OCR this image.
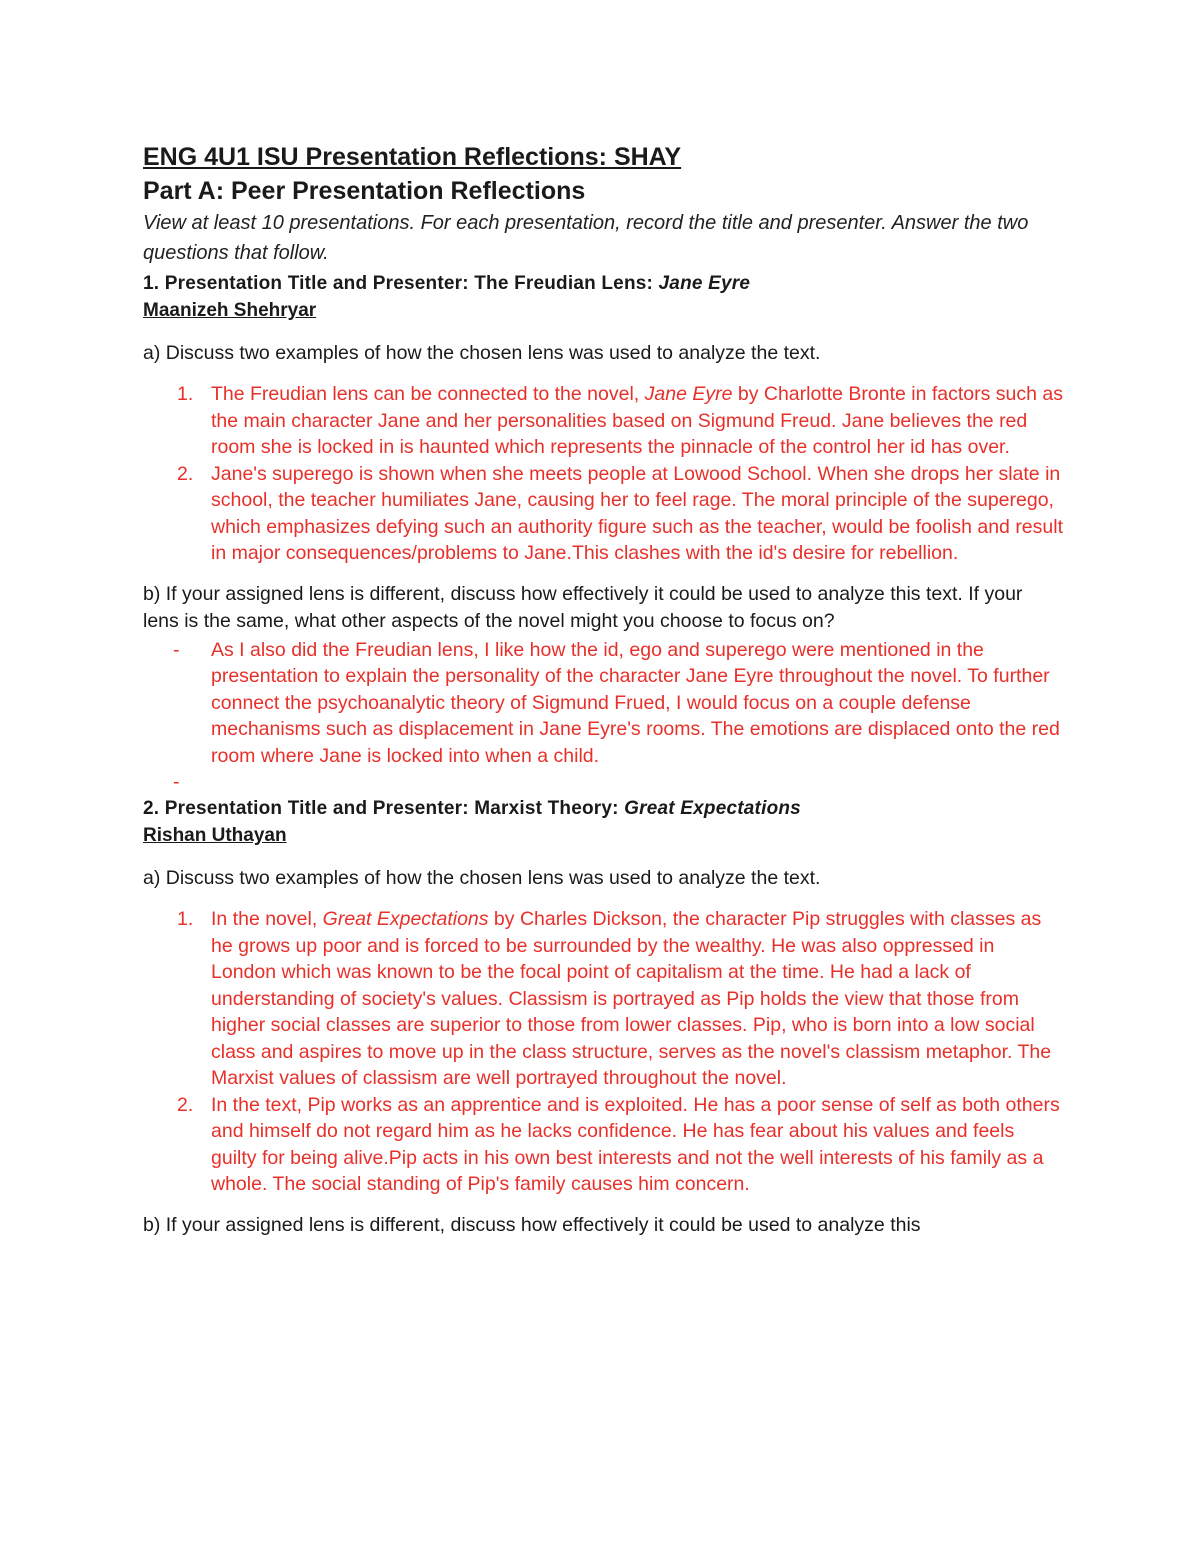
ENG 4U1 ISU Presentation Reflections: SHAY
Part A: Peer Presentation Reflections

View at least 10 presentations. For each presentation, record the title and presenter. Answer the two questions that follow.

1. Presentation Title and Presenter: The Freudian Lens: Jane Eyre

Maanizeh Shehryar

a) Discuss two examples of how the chosen lens was used to analyze the text.

1. The Freudian lens can be connected to the novel, Jane Eyre by Charlotte Bronte in factors such as the main character Jane and her personalities based on Sigmund Freud. Jane believes the red room she is locked in is haunted which represents the pinnacle of the control her id has over.
2. Jane's superego is shown when she meets people at Lowood School. When she drops her slate in school, the teacher humiliates Jane, causing her to feel rage. The moral principle of the superego, which emphasizes defying such an authority figure such as the teacher, would be foolish and result in major consequences/problems to Jane.This clashes with the id's desire for rebellion.

b) If your assigned lens is different, discuss how effectively it could be used to analyze this text. If your lens is the same, what other aspects of the novel might you choose to focus on?

- As I also did the Freudian lens, I like how the id, ego and superego were mentioned in the presentation to explain the personality of the character Jane Eyre throughout the novel. To further connect the psychoanalytic theory of Sigmund Frued, I would focus on a couple defense mechanisms such as displacement in Jane Eyre's rooms. The emotions are displaced onto the red room where Jane is locked into when a child.
-

2. Presentation Title and Presenter: Marxist Theory: Great Expectations

Rishan Uthayan

a) Discuss two examples of how the chosen lens was used to analyze the text.

1. In the novel, Great Expectations by Charles Dickson, the character Pip struggles with classes as he grows up poor and is forced to be surrounded by the wealthy. He was also oppressed in London which was known to be the focal point of capitalism at the time. He had a lack of understanding of society's values. Classism is portrayed as Pip holds the view that those from higher social classes are superior to those from lower classes. Pip, who is born into a low social class and aspires to move up in the class structure, serves as the novel's classism metaphor. The Marxist values of classism are well portrayed throughout the novel.
2. In the text, Pip works as an apprentice and is exploited. He has a poor sense of self as both others and himself do not regard him as he lacks confidence. He has fear about his values and feels guilty for being alive.Pip acts in his own best interests and not the well interests of his family as a whole. The social standing of Pip's family causes him concern.

b) If your assigned lens is different, discuss how effectively it could be used to analyze this
